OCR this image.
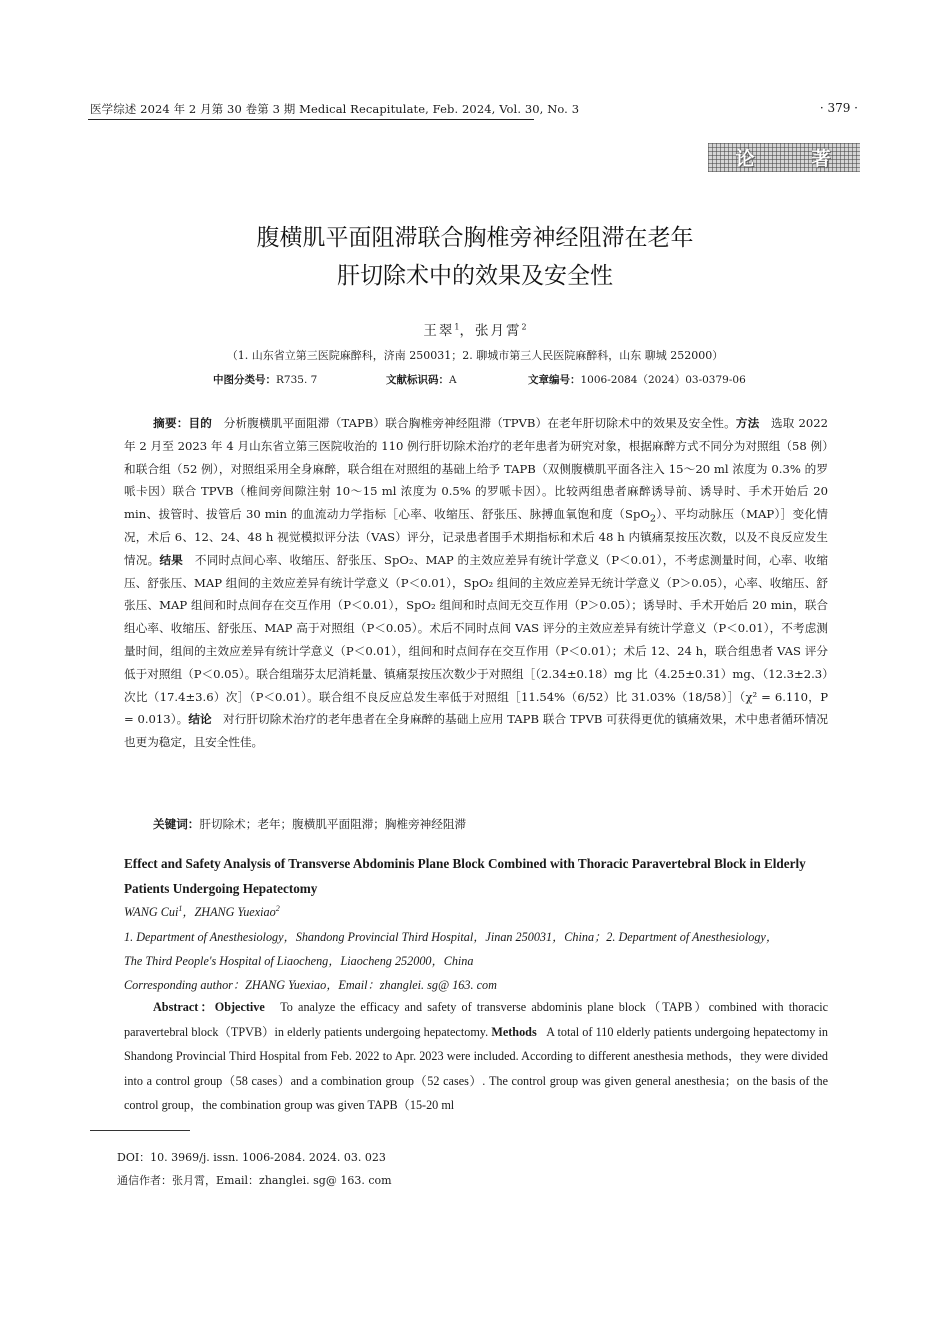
医学综述 2024 年 2 月第 30 卷第 3 期 Medical Recapitulate, Feb. 2024, Vol. 30, No. 3	· 379 ·
论	著
腹横肌平面阻滞联合胸椎旁神经阻滞在老年
肝切除术中的效果及安全性
王翠$^1$，张月霄$^2$
（1. 山东省立第三医院麻醉科，济南 250031；2. 聊城市第三人民医院麻醉科，山东 聊城 252000）
中图分类号：R735. 7	文献标识码：A	文章编号：1006-2084（2024）03-0379-06
摘要：目的 分析腹横肌平面阻滞（TAPB）联合胸椎旁神经阻滞（TPVB）在老年肝切除术中的效果及安全性。方法 选取 2022 年 2 月至 2023 年 4 月山东省立第三医院收治的 110 例行肝切除术治疗的老年患者为研究对象，根据麻醉方式不同分为对照组（58 例）和联合组（52 例），对照组采用全身麻醉，联合组在对照组的基础上给予 TAPB（双侧腹横肌平面各注入 15～20 ml 浓度为 0.3% 的罗哌卡因）联合 TPVB（椎间旁间隙注射 10～15 ml 浓度为 0.5% 的罗哌卡因）。比较两组患者麻醉诱导前、诱导时、手术开始后 20 min、拔管时、拔管后 30 min 的血流动力学指标［心率、收缩压、舒张压、脉搏血氧饱和度（SpO$_2$）、平均动脉压（MAP）］变化情况，术后 6、12、24、48 h 视觉模拟评分法（VAS）评分，记录患者围手术期指标和术后 48 h 内镇痛泵按压次数，以及不良反应发生情况。结果 不同时点间心率、收缩压、舒张压、SpO₂、MAP 的主效应差异有统计学意义（P＜0.01），不考虑测量时间，心率、收缩压、舒张压、MAP 组间的主效应差异有统计学意义（P＜0.01），SpO₂ 组间的主效应差异无统计学意义（P＞0.05），心率、收缩压、舒张压、MAP 组间和时点间存在交互作用（P＜0.01），SpO₂ 组间和时点间无交互作用（P＞0.05）；诱导时、手术开始后 20 min，联合组心率、收缩压、舒张压、MAP 高于对照组（P＜0.05）。术后不同时点间 VAS 评分的主效应差异有统计学意义（P＜0.01），不考虑测量时间，组间的主效应差异有统计学意义（P＜0.01），组间和时点间存在交互作用（P＜0.01）；术后 12、24 h，联合组患者 VAS 评分低于对照组（P＜0.05）。联合组瑞芬太尼消耗量、镇痛泵按压次数少于对照组［（2.34±0.18）mg 比（4.25±0.31）mg、（12.3±2.3）次比（17.4±3.6）次］（P＜0.01）。联合组不良反应总发生率低于对照组［11.54%（6/52）比 31.03%（18/58）］（χ² = 6.110，P = 0.013）。结论 对行肝切除术治疗的老年患者在全身麻醉的基础上应用 TAPB 联合 TPVB 可获得更优的镇痛效果，术中患者循环情况也更为稳定，且安全性佳。
关键词：肝切除术；老年；腹横肌平面阻滞；胸椎旁神经阻滞
Effect and Safety Analysis of Transverse Abdominis Plane Block Combined with Thoracic Paravertebral Block in Elderly Patients Undergoing Hepatectomy
WANG Cui$^1$，ZHANG Yuexiao$^2$
1. Department of Anesthesiology，Shandong Provincial Third Hospital，Jinan 250031，China；2. Department of Anesthesiology，
The Third People's Hospital of Liaocheng，Liaocheng 252000，China
Corresponding author：ZHANG Yuexiao，Email：zhanglei. sg@ 163. com
Abstract：Objective To analyze the efficacy and safety of transverse abdominis plane block（TAPB）combined with thoracic paravertebral block（TPVB）in elderly patients undergoing hepatectomy. Methods A total of 110 elderly patients undergoing hepatectomy in Shandong Provincial Third Hospital from Feb. 2022 to Apr. 2023 were included. According to different anesthesia methods，they were divided into a control group（58 cases）and a combination group（52 cases）. The control group was given general anesthesia；on the basis of the control group，the combination group was given TAPB（15-20 ml
DOI：10. 3969/j. issn. 1006-2084. 2024. 03. 023
通信作者：张月霄，Email：zhanglei. sg@ 163. com
